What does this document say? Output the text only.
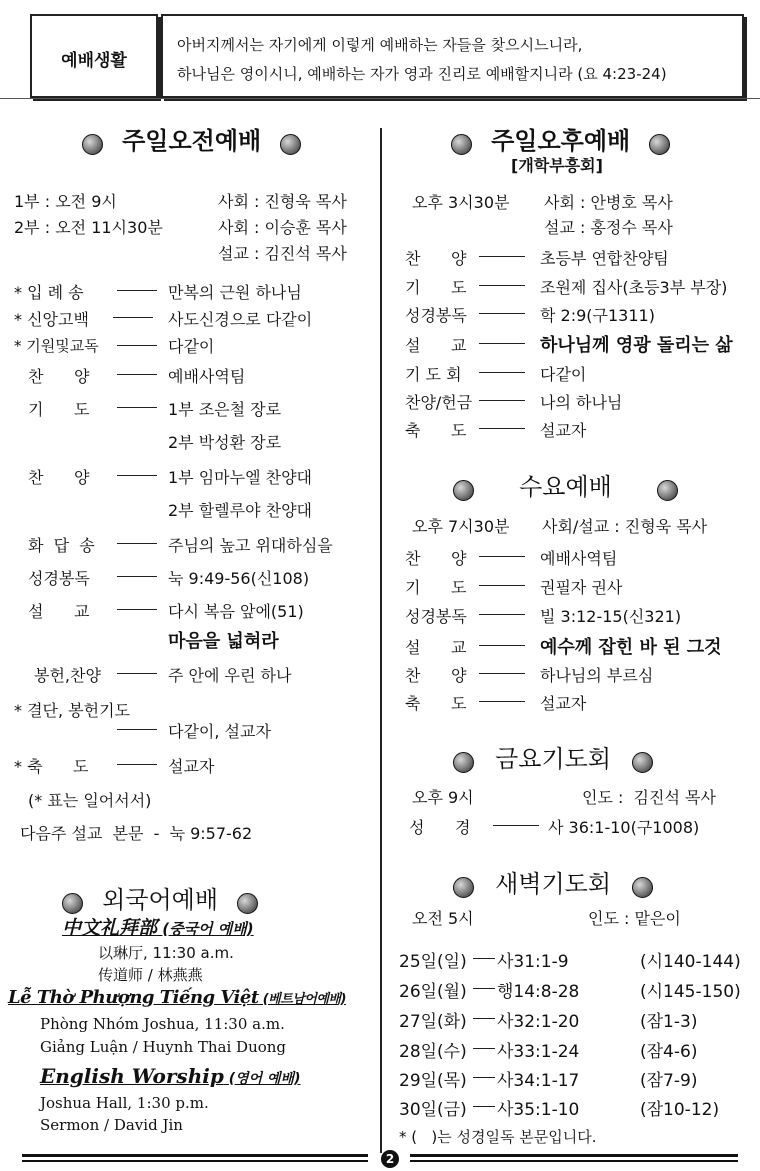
예배생활
아버지께서는 자기에게 이렇게 예배하는 자들을 찾으시느니라,
하나님은 영이시니, 예배하는 자가 영과 진리로 예배할지니라 (요 4:23-24)
주일오전예배
1부 : 오전 9시	사회 : 진형욱 목사
2부 : 오전 11시30분	사회 : 이승훈 목사
설교 : 김진석 목사
* 입 례 송	만복의 근원 하나님
* 신앙고백	사도신경으로 다같이
* 기원및교독	다같이
찬      양	예배사역팀
기      도	1부 조은철 장로
2부 박성환 장로
찬      양	1부 임마누엘 찬양대
2부 할렐루야 찬양대
화  답  송	주님의 높고 위대하심을
성경봉독	눅 9:49-56(신108)
설      교	다시 복음 앞에(51)
마음을 넓혀라
봉헌,찬양	주 안에 우린 하나
* 결단, 봉헌기도
다같이, 설교자
* 축      도	설교자
(* 표는 일어서서)
다음주 설교  본문  -  눅 9:57-62
외국어예배
中文礼拜部 (중국어 예배)
以琳厅, 11:30 a.m.
传道师 / 林燕燕
Lễ Thờ Phượng Tiếng Việt (베트남어예배)
Phòng Nhóm Joshua, 11:30 a.m.
Giảng Luận / Huynh Thai Duong
English Worship (영어 예배)
Joshua Hall, 1:30 p.m.
Sermon / David Jin
주일오후예배
[개학부흥회]
오후 3시30분 사회 : 안병호 목사
설교 : 홍정수 목사
찬      양	초등부 연합찬양팀
기      도	조원제 집사(초등3부 부장)
성경봉독	학 2:9(구1311)
설      교	하나님께 영광 돌리는 삶
기 도 회	다같이
찬양/헌금	나의 하나님
축      도	설교자
수요예배
오후 7시30분 사회/설교 : 진형욱 목사
찬      양	예배사역팀
기      도	권필자 권사
성경봉독	빌 3:12-15(신321)
설      교	예수께 잡힌 바 된 그것
찬      양	하나님의 부르심
축      도	설교자
금요기도회
오후 9시	인도 :  김진석 목사
성      경	사 36:1-10(구1008)
새벽기도회
오전 5시	인도 : 맡은이
25일(일) 사31:1-9	(시140-144)
26일(월) 행14:8-28	(시145-150)
27일(화) 사32:1-20	(잠1-3)
28일(수) 사33:1-24	(잠4-6)
29일(목) 사34:1-17	(잠7-9)
30일(금) 사35:1-10	(잠10-12)
* (   )는 성경일독 본문입니다.
2
